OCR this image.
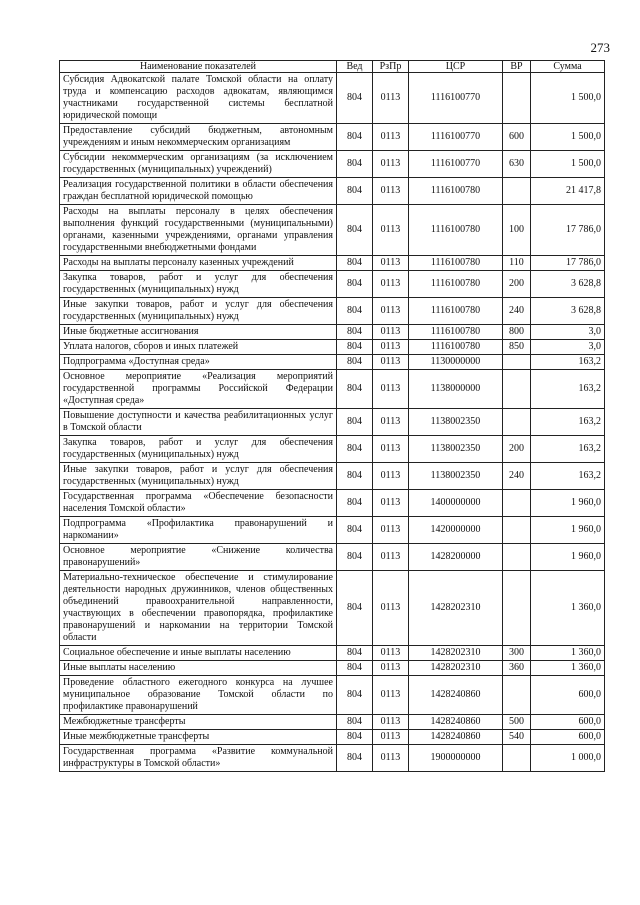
273
Наименование показателей	Вед	РзПр	ЦСР	ВР	Сумма
Субсидия Адвокатской палате Томской области на оплату труда и компенсацию расходов адвокатам, являющимся участниками государственной системы бесплатной юридической помощи	804	0113	1116100770		1 500,0
Предоставление субсидий бюджетным, автономным учреждениям и иным некоммерческим организациям	804	0113	1116100770	600	1 500,0
Субсидии некоммерческим организациям (за исключением государственных (муниципальных) учреждений)	804	0113	1116100770	630	1 500,0
Реализация государственной политики в области обеспечения граждан бесплатной юридической помощью	804	0113	1116100780		21 417,8
Расходы на выплаты персоналу в целях обеспечения выполнения функций государственными (муниципальными) органами, казенными учреждениями, органами управления государственными внебюджетными фондами	804	0113	1116100780	100	17 786,0
Расходы на выплаты персоналу казенных учреждений	804	0113	1116100780	110	17 786,0
Закупка товаров, работ и услуг для обеспечения государственных (муниципальных) нужд	804	0113	1116100780	200	3 628,8
Иные закупки товаров, работ и услуг для обеспечения государственных (муниципальных) нужд	804	0113	1116100780	240	3 628,8
Иные бюджетные ассигнования	804	0113	1116100780	800	3,0
Уплата налогов, сборов и иных платежей	804	0113	1116100780	850	3,0
Подпрограмма «Доступная среда»	804	0113	1130000000		163,2
Основное мероприятие «Реализация мероприятий государственной программы Российской Федерации «Доступная среда»	804	0113	1138000000		163,2
Повышение доступности и качества реабилитационных услуг в Томской области	804	0113	1138002350		163,2
Закупка товаров, работ и услуг для обеспечения государственных (муниципальных) нужд	804	0113	1138002350	200	163,2
Иные закупки товаров, работ и услуг для обеспечения государственных (муниципальных) нужд	804	0113	1138002350	240	163,2
Государственная программа «Обеспечение безопасности населения Томской области»	804	0113	1400000000		1 960,0
Подпрограмма «Профилактика правонарушений и наркомании»	804	0113	1420000000		1 960,0
Основное мероприятие «Снижение количества правонарушений»	804	0113	1428200000		1 960,0
Материально-техническое обеспечение и стимулирование деятельности народных дружинников, членов общественных объединений правоохранительной направленности, участвующих в обеспечении правопорядка, профилактике правонарушений и наркомании на территории Томской области	804	0113	1428202310		1 360,0
Социальное обеспечение и иные выплаты населению	804	0113	1428202310	300	1 360,0
Иные выплаты населению	804	0113	1428202310	360	1 360,0
Проведение областного ежегодного конкурса на лучшее муниципальное образование Томской области по профилактике правонарушений	804	0113	1428240860		600,0
Межбюджетные трансферты	804	0113	1428240860	500	600,0
Иные межбюджетные трансферты	804	0113	1428240860	540	600,0
Государственная программа «Развитие коммунальной инфраструктуры в Томской области»	804	0113	1900000000		1 000,0
